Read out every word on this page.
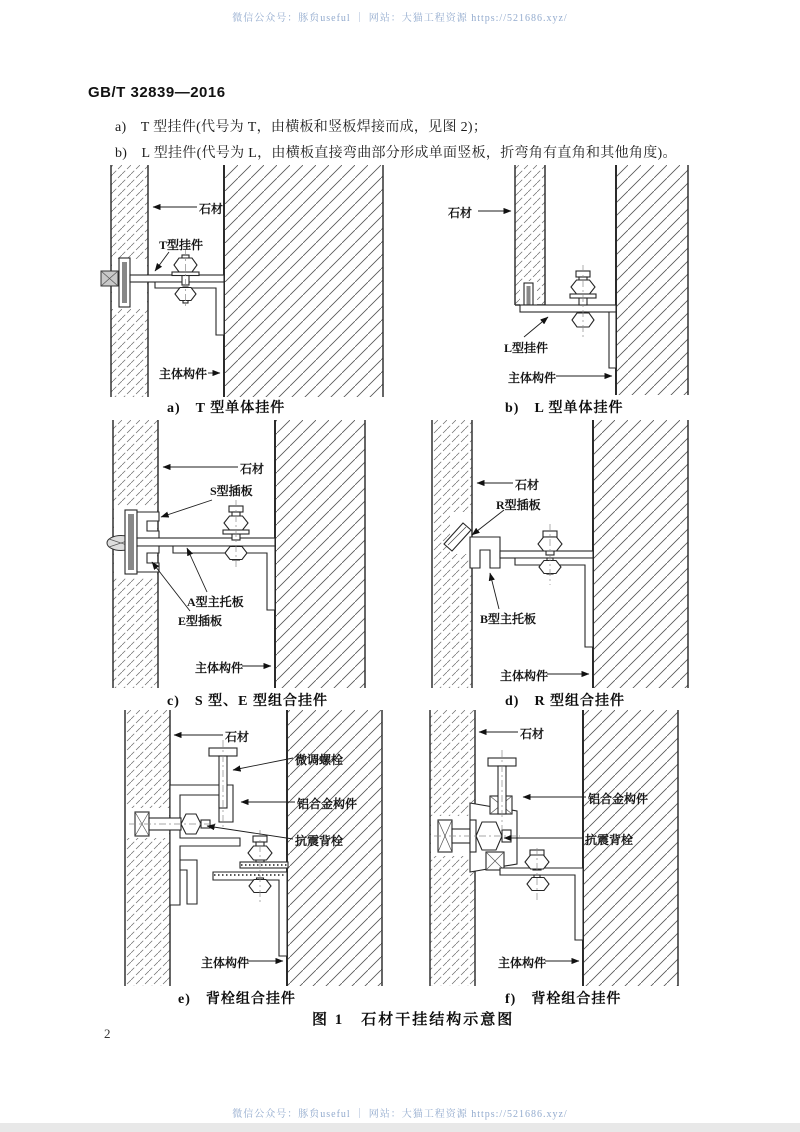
微信公众号：豚贠useful ｜ 网站：大猫工程资源 https://521686.xyz/
GB/T 32839—2016
a)　T 型挂件(代号为 T，由横板和竖板焊接而成，见图 2)；
b)　L 型挂件(代号为 L，由横板直接弯曲部分形成单面竖板，折弯角有直角和其他角度)。
石材
T型挂件
主体构件
a)　T 型单体挂件
石材
L型挂件
主体构件
b)　L 型单体挂件
石材
S型插板
A型主托板
E型插板
主体构件
c)　S 型、E 型组合挂件
石材
R型插板
B型主托板
主体构件
d)　R 型组合挂件
石材
微调螺栓
铝合金构件
抗震背栓
主体构件
e)　背栓组合挂件
石材
铝合金构件
抗震背栓
主体构件
f)　背栓组合挂件
图 1　石材干挂结构示意图
2
微信公众号：豚贠useful ｜ 网站：大猫工程资源 https://521686.xyz/
